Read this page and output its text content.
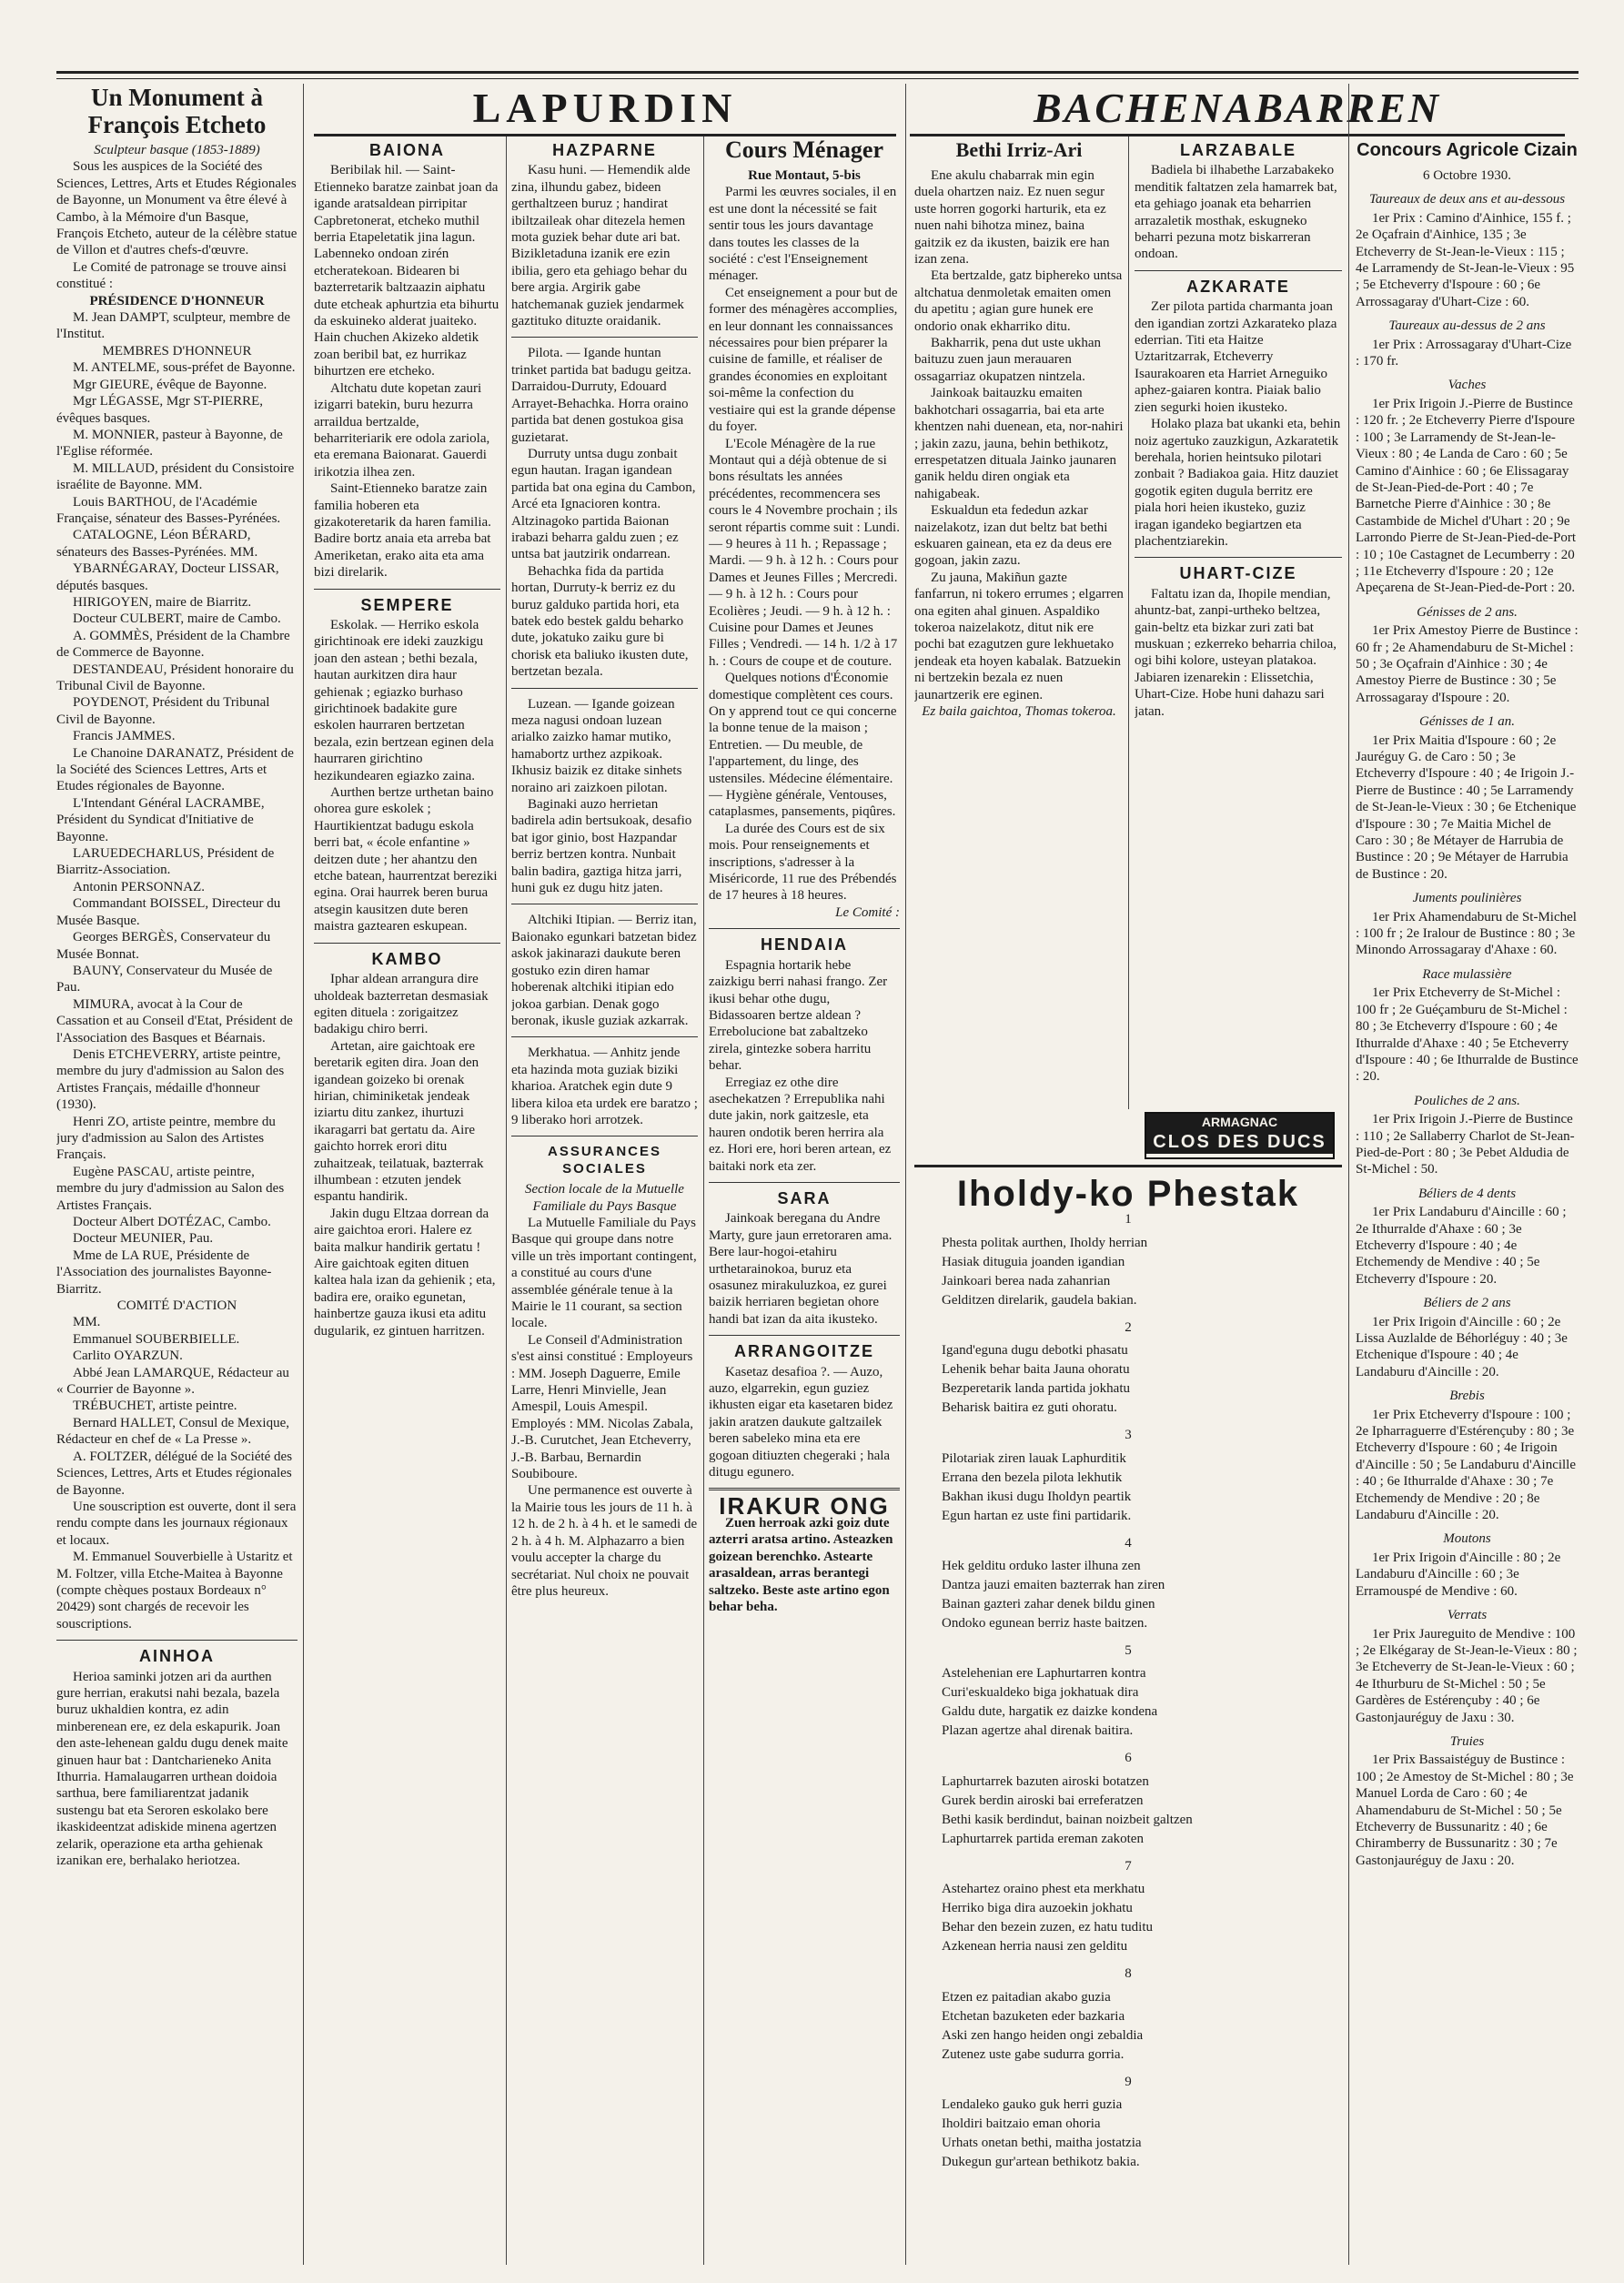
Un Monument à François Etcheto
Sculpteur basque (1853-1889)

Sous les auspices de la Société des Sciences, Lettres, Arts et Etudes Régionales de Bayonne, un Monument va être élevé à Cambo, à la Mémoire d'un Basque, François Etcheto, auteur de la célèbre statue de Villon et d'autres chefs-d'œuvre.

Le Comité de patronage se trouve ainsi constitué :

PRÉSIDENCE D'HONNEUR

M. Jean DAMPT, sculpteur, membre de l'Institut.

MEMBRES D'HONNEUR

M. ANTELME, sous-préfet de Bayonne.

Mgr GIEURE, évêque de Bayonne.

Mgr LÉGASSE, Mgr ST-PIERRE, évêques basques.

M. MONNIER, pasteur à Bayonne, de l'Eglise réformée.

M. MILLAUD, président du Consistoire israélite de Bayonne. MM.

Louis BARTHOU, de l'Académie Française, sénateur des Basses-Pyrénées.

CATALOGNE, Léon BÉRARD, sénateurs des Basses-Pyrénées. MM.

YBARNÉGARAY, Docteur LISSAR, députés basques.

HIRIGOYEN, maire de Biarritz.

Docteur CULBERT, maire de Cambo.

A. GOMMÈS, Président de la Chambre de Commerce de Bayonne.

DESTANDEAU, Président honoraire du Tribunal Civil de Bayonne.

POYDENOT, Président du Tribunal Civil de Bayonne.

Francis JAMMES.

Le Chanoine DARANATZ, Président de la Société des Sciences Lettres, Arts et Etudes régionales de Bayonne.

L'Intendant Général LACRAMBE, Président du Syndicat d'Initiative de Bayonne.

LARUEDECHARLUS, Président de Biarritz-Association.

Antonin PERSONNAZ.

Commandant BOISSEL, Directeur du Musée Basque.

Georges BERGÈS, Conservateur du Musée Bonnat.

BAUNY, Conservateur du Musée de Pau.

MIMURA, avocat à la Cour de Cassation et au Conseil d'Etat, Président de l'Association des Basques et Béarnais.

Denis ETCHEVERRY, artiste peintre, membre du jury d'admission au Salon des Artistes Français, médaille d'honneur (1930).

Henri ZO, artiste peintre, membre du jury d'admission au Salon des Artistes Français.

Eugène PASCAU, artiste peintre, membre du jury d'admission au Salon des Artistes Français.

Docteur Albert DOTÉZAC, Cambo.

Docteur MEUNIER, Pau.

Mme de LA RUE, Présidente de l'Association des journalistes Bayonne-Biarritz.

COMITÉ D'ACTION

MM.

Emmanuel SOUBERBIELLE.

Carlito OYARZUN.

Abbé Jean LAMARQUE, Rédacteur au « Courrier de Bayonne ».

TRÉBUCHET, artiste peintre.

Bernard HALLET, Consul de Mexique, Rédacteur en chef de « La Presse ».

A. FOLTZER, délégué de la Société des Sciences, Lettres, Arts et Etudes régionales de Bayonne.

Une souscription est ouverte, dont il sera rendu compte dans les journaux régionaux et locaux.

M. Emmanuel Souverbielle à Ustaritz et M. Foltzer, villa Etche-Maitea à Bayonne (compte chèques postaux Bordeaux n° 20429) sont chargés de recevoir les souscriptions.

AINHOA

Herioa saminki jotzen ari da aurthen gure herrian, erakutsi nahi bezala, bazela buruz ukhaldien kontra, ez adin minberenean ere, ez dela eskapurik. Joan den aste-lehenean galdu dugu denek maite ginuen haur bat : Dantcharieneko Anita Ithurria. Hamalaugarren urthean doidoia sarthua, bere familiarentzat jadanik sustengu bat eta Seroren eskolako bere ikaskideentzat adiskide minena agertzen zelarik, operazione eta artha gehienak izanikan ere, berhalako heriotzea.

LAPURDIN
BAIONA

Beribilak hil. — Saint-Etienneko baratze zainbat joan da igande aratsaldean pirripitar Capbretonerat, etcheko muthil berria Etapeletatik jina lagun. Labenneko ondoan zirén etcheratekoan. Bidearen bi bazterretarik baltzaazin aiphatu dute etcheak aphurtzia eta bihurtu da eskuineko alderat juaiteko. Hain chuchen Akizeko aldetik zoan beribil bat, ez hurrikaz bihurtzen ere etcheko.

Altchatu dute kopetan zauri izigarri batekin, buru hezurra arraildua bertzalde, beharriteriarik ere odola zariola, eta eremana Baionarat. Gauerdi irikotzia ilhea zen.

Saint-Etienneko baratze zain familia hoberen eta gizakoteretarik da haren familia. Badire bortz anaia eta arreba bat Ameriketan, erako aita eta ama bizi direlarik.

SEMPERE

Eskolak. — Herriko eskola girichtinoak ere ideki zauzkigu joan den astean ; bethi bezala, hautan aurkitzen dira haur gehienak ; egiazko burhaso girichtinoek badakite gure eskolen haurraren bertzetan bezala, ezin bertzean eginen dela haurraren girichtino hezikundearen egiazko zaina.

Aurthen bertze urthetan baino ohorea gure eskolek ; Haurtikientzat badugu eskola berri bat, « école enfantine » deitzen dute ; her ahantzu den etche batean, haurrentzat bereziki egina. Orai haurrek beren burua atsegin kausitzen dute beren maistra gaztearen eskupean.

KAMBO

Iphar aldean arrangura dire uholdeak bazterretan desmasiak egiten dituela : zorigaitzez badakigu chiro berri.

Artetan, aire gaichtoak ere beretarik egiten dira. Joan den igandean goizeko bi orenak hirian, chiminiketak jendeak iziartu ditu zankez, ihurtuzi ikaragarri bat gertatu da. Aire gaichto horrek erori ditu zuhaitzeak, teilatuak, bazterrak ilhumbean : etzuten jendek espantu handirik.

Jakin dugu Eltzaa dorrean da aire gaichtoa erori. Halere ez baita malkur handirik gertatu ! Aire gaichtoak egiten dituen kaltea hala izan da gehienik ; eta, badira ere, oraiko egunetan, hainbertze gauza ikusi eta aditu dugularik, ez gintuen harritzen.

HAZPARNE

Kasu huni. — Hemendik alde zina, ilhundu gabez, bideen gerthaltzeen buruz ; handirat ibiltzaileak ohar ditezela hemen mota guziek behar dute ari bat. Bizikletaduna izanik ere ezin ibilia, gero eta gehiago behar du bere argia. Argirik gabe hatchemanak guziek jendarmek gaztituko dituzte oraidanik.

Pilota. — Igande huntan trinket partida bat badugu geitza. Darraidou-Durruty, Edouard Arrayet-Behachka. Horra oraino partida bat denen gostukoa gisa guzietarat.

Durruty untsa dugu zonbait egun hautan. Iragan igandean partida bat ona egina du Cambon, Arcé eta Ignacioren kontra. Altzinagoko partida Baionan irabazi beharra galdu zuen ; ez untsa bat jautzirik ondarrean.

Behachka fida da partida hortan, Durruty-k berriz ez du buruz galduko partida hori, eta batek edo bestek galdu beharko dute, jokatuko zaiku gure bi chorisk eta baliuko ikusten dute, bertzetan bezala.

Luzean. — Igande goizean meza nagusi ondoan luzean arialko zaizko hamar mutiko, hamabortz urthez azpikoak. Ikhusiz baizik ez ditake sinhets noraino ari zaizkoen pilotan.

Baginaki auzo herrietan badirela adin bertsukoak, desafio bat igor ginio, bost Hazpandar berriz bertzen kontra. Nunbait balin badira, gaztiga hitza jarri, huni guk ez dugu hitz jaten.

Altchiki Itipian. — Berriz itan, Baionako egunkari batzetan bidez askok jakinarazi daukute beren gostuko ezin diren hamar hoberenak altchiki itipian edo jokoa garbian. Denak gogo beronak, ikusle guziak azkarrak.

Merkhatua. — Anhitz jende eta hazinda mota guziak biziki kharioa. Aratchek egin dute 9 libera kiloa eta urdek ere baratzo ; 9 liberako hori arrotzek.

ASSURANCES SOCIALES
Section locale de la Mutuelle Familiale du Pays Basque

La Mutuelle Familiale du Pays Basque qui groupe dans notre ville un très important contingent, a constitué au cours d'une assemblée générale tenue à la Mairie le 11 courant, sa section locale.

Le Conseil d'Administration s'est ainsi constitué : Employeurs : MM. Joseph Daguerre, Emile Larre, Henri Minvielle, Jean Amespil, Louis Amespil. Employés : MM. Nicolas Zabala, J.-B. Curutchet, Jean Etcheverry, J.-B. Barbau, Bernardin Soubiboure.

Une permanence est ouverte à la Mairie tous les jours de 11 h. à 12 h. de 2 h. à 4 h. et le samedi de 2 h. à 4 h. M. Alphazarro a bien voulu accepter la charge du secrétariat. Nul choix ne pouvait être plus heureux.

Cours Ménager
Rue Montaut, 5-bis

Parmi les œuvres sociales, il en est une dont la nécessité se fait sentir tous les jours davantage dans toutes les classes de la société : c'est l'Enseignement ménager.

Cet enseignement a pour but de former des ménagères accomplies, en leur donnant les connaissances nécessaires pour bien préparer la cuisine de famille, et réaliser de grandes économies en exploitant soi-même la confection du vestiaire qui est la grande dépense du foyer.

L'Ecole Ménagère de la rue Montaut qui a déjà obtenue de si bons résultats les années précédentes, recommencera ses cours le 4 Novembre prochain ; ils seront répartis comme suit : Lundi. — 9 heures à 11 h. ; Repassage ; Mardi. — 9 h. à 12 h. : Cours pour Dames et Jeunes Filles ; Mercredi. — 9 h. à 12 h. : Cours pour Ecolières ; Jeudi. — 9 h. à 12 h. : Cuisine pour Dames et Jeunes Filles ; Vendredi. — 14 h. 1/2 à 17 h. : Cours de coupe et de couture.

Quelques notions d'Économie domestique complètent ces cours. On y apprend tout ce qui concerne la bonne tenue de la maison ; Entretien. — Du meuble, de l'appartement, du linge, des ustensiles. Médecine élémentaire. — Hygiène générale, Ventouses, cataplasmes, pansements, piqûres.

La durée des Cours est de six mois. Pour renseignements et inscriptions, s'adresser à la Miséricorde, 11 rue des Prébendés de 17 heures à 18 heures.

Le Comité :
HENDAIA

Espagnia hortarik hebe zaizkigu berri nahasi frango. Zer ikusi behar othe dugu, Bidassoaren bertze aldean ? Errebolucione bat zabaltzeko zirela, gintezke sobera harritu behar.

Erregiaz ez othe dire asechekatzen ? Errepublika nahi dute jakin, nork gaitzesle, eta hauren ondotik beren herrira ala ez. Hori ere, hori beren artean, ez baitaki nork eta zer.

SARA

Jainkoak beregana du Andre Marty, gure jaun erretoraren ama. Bere laur-hogoi-etahiru urthetarainokoa, buruz eta osasunez mirakuluzkoa, ez gurei baizik herriaren begietan ohore handi bat izan da aita ikusteko.

ARRANGOITZE

Kasetaz desafioa ?. — Auzo, auzo, elgarrekin, egun guziez ikhusten eigar eta kasetaren bidez jakin aratzen daukute galtzailek beren sabeleko mina eta ere gogoan ditiuzten chegeraki ; hala ditugu egunero.

IRAKUR ONG

Zuen herroak azki goiz dute azterri aratsa artino. Asteazken goizean berenchko. Astearte arasaldean, arras berantegi saltzeko. Beste aste artino egon behar beha.

BACHENABARREN
Bethi Irriz-Ari

Ene akulu chabarrak min egin duela ohartzen naiz. Ez nuen segur uste horren gogorki harturik, eta ez nuen nahi bihotza minez, baina gaitzik ez da ikusten, baizik ere han izan zena.

Eta bertzalde, gatz biphereko untsa altchatua denmoletak emaiten omen du apetitu ; agian gure hunek ere ondorio onak ekharriko ditu.

Bakharrik, pena dut uste ukhan baituzu zuen jaun merauaren ossagarriaz okupatzen nintzela.

Jainkoak baitauzku emaiten bakhotchari ossagarria, bai eta arte khentzen nahi duenean, eta, nor-nahiri ; jakin zazu, jauna, behin bethikotz, errespetatzen dituala Jainko jaunaren ganik heldu diren ongiak eta nahigabeak.

Eskualdun eta fededun azkar naizelakotz, izan dut beltz bat bethi eskuaren gainean, eta ez da deus ere gogoan, jakin zazu.

Zu jauna, Makiñun gazte fanfarrun, ni tokero errumes ; elgarren ona egiten ahal ginuen. Aspaldiko tokeroa naizelakotz, ditut nik ere pochi bat ezagutzen gure lekhuetako jendeak eta hoyen kabalak. Batzuekin ni bertzekin bezala ez nuen jaunartzerik ere eginen.

Ez baila gaichtoa, Thomas tokeroa.
LARZABALE

Badiela bi ilhabethe Larzabakeko menditik faltatzen zela hamarrek bat, eta gehiago joanak eta beharrien arrazaletik mosthak, eskugneko beharri pezuna motz biskarreran ondoan.

AZKARATE

Zer pilota partida charmanta joan den igandian zortzi Azkarateko plaza ederrian. Titi eta Haitze Uztaritzarrak, Etcheverry Isaurakoaren eta Harriet Arneguiko aphez-gaiaren kontra. Piaiak balio zien segurki hoien ikusteko.

Holako plaza bat ukanki eta, behin noiz agertuko zauzkigun, Azkaratetik berehala, horien heintsuko pilotari zonbait ? Badiakoa gaia. Hitz dauziet gogotik egiten dugula berritz ere piala hori heien ikusteko, guziz iragan igandeko begiartzen eta plachentziarekin.

UHART-CIZE

Faltatu izan da, Ihopile mendian, ahuntz-bat, zanpi-urtheko beltzea, gain-beltz eta bizkar zuri zati bat muskuan ; ezkerreko beharria chiloa, ogi bihi kolore, usteyan platakoa. Jabiaren izenarekin : Elissetchia, Uhart-Cize. Hobe huni dahazu sari jatan.

ARMAGNAC
CLOS DES DUCS
Iholdy-ko Phestak
1
Phesta politak aurthen, Iholdy herrian
Hasiak dituguia joanden igandian
Jainkoari berea nada zahanrian
Gelditzen direlarik, gaudela bakian.
2
Igand'eguna dugu debotki phasatu
Lehenik behar baita Jauna ohoratu
Bezperetarik landa partida jokhatu
Beharisk baitira ez guti ohoratu.
3
Pilotariak ziren lauak Laphurditik
Errana den bezela pilota lekhutik
Bakhan ikusi dugu Iholdyn peartik
Egun hartan ez uste fini partidarik.
4
Hek gelditu orduko laster ilhuna zen
Dantza jauzi emaiten bazterrak han ziren
Bainan gazteri zahar denek bildu ginen
Ondoko egunean berriz haste baitzen.
5
Astelehenian ere Laphurtarren kontra
Curi'eskualdeko biga jokhatuak dira
Galdu dute, hargatik ez daizke kondena
Plazan agertze ahal direnak baitira.
6
Laphurtarrek bazuten airoski botatzen
Gurek berdin airoski bai erreferatzen
Bethi kasik berdindut, bainan noizbeit galtzen
Laphurtarrek partida ereman zakoten
7
Astehartez oraino phest eta merkhatu
Herriko biga dira auzoekin jokhatu
Behar den bezein zuzen, ez hatu tuditu
Azkenean herria nausi zen gelditu
8
Etzen ez paitadian akabo guzia
Etchetan bazuketen eder bazkaria
Aski zen hango heiden ongi zebaldia
Zutenez uste gabe sudurra gorria.
9
Lendaleko gauko guk herri guzia
Iholdiri baitzaio eman ohoria
Urhats onetan bethi, maitha jostatzia
Dukegun gur'artean bethikotz bakia.
Concours Agricole Cizain
6 Octobre 1930.
Taureaux de deux ans et au-dessous

1er Prix : Camino d'Ainhice, 155 f. ; 2e Oçafrain d'Ainhice, 135 ; 3e Etcheverry de St-Jean-le-Vieux : 115 ; 4e Larramendy de St-Jean-le-Vieux : 95 ; 5e Etcheverry d'Ispoure : 60 ; 6e Arrossagaray d'Uhart-Cize : 60.

Taureaux au-dessus de 2 ans

1er Prix : Arrossagaray d'Uhart-Cize : 170 fr.

Vaches

1er Prix Irigoin J.-Pierre de Bustince : 120 fr. ; 2e Etcheverry Pierre d'Ispoure : 100 ; 3e Larramendy de St-Jean-le-Vieux : 80 ; 4e Landa de Caro : 60 ; 5e Camino d'Ainhice : 60 ; 6e Elissagaray de St-Jean-Pied-de-Port : 40 ; 7e Barnetche Pierre d'Ainhice : 30 ; 8e Castambide de Michel d'Uhart : 20 ; 9e Larrondo Pierre de St-Jean-Pied-de-Port : 10 ; 10e Castagnet de Lecumberry : 20 ; 11e Etcheverry d'Ispoure : 20 ; 12e Apeçarena de St-Jean-Pied-de-Port : 20.

Génisses de 2 ans.

1er Prix Amestoy Pierre de Bustince : 60 fr ; 2e Ahamendaburu de St-Michel : 50 ; 3e Oçafrain d'Ainhice : 30 ; 4e Amestoy Pierre de Bustince : 30 ; 5e Arrossagaray d'Ispoure : 20.

Génisses de 1 an.

1er Prix Maitia d'Ispoure : 60 ; 2e Jauréguy G. de Caro : 50 ; 3e Etcheverry d'Ispoure : 40 ; 4e Irigoin J.-Pierre de Bustince : 40 ; 5e Larramendy de St-Jean-le-Vieux : 30 ; 6e Etchenique d'Ispoure : 30 ; 7e Maitia Michel de Caro : 30 ; 8e Métayer de Harrubia de Bustince : 20 ; 9e Métayer de Harrubia de Bustince : 20.

Juments poulinières

1er Prix Ahamendaburu de St-Michel : 100 fr ; 2e Iralour de Bustince : 80 ; 3e Minondo Arrossagaray d'Ahaxe : 60.

Race mulassière

1er Prix Etcheverry de St-Michel : 100 fr ; 2e Guéçamburu de St-Michel : 80 ; 3e Etcheverry d'Ispoure : 60 ; 4e Ithurralde d'Ahaxe : 40 ; 5e Etcheverry d'Ispoure : 40 ; 6e Ithurralde de Bustince : 20.

Pouliches de 2 ans.

1er Prix Irigoin J.-Pierre de Bustince : 110 ; 2e Sallaberry Charlot de St-Jean-Pied-de-Port : 80 ; 3e Pebet Aldudia de St-Michel : 50.

Béliers de 4 dents

1er Prix Landaburu d'Aincille : 60 ; 2e Ithurralde d'Ahaxe : 60 ; 3e Etcheverry d'Ispoure : 40 ; 4e Etchemendy de Mendive : 40 ; 5e Etcheverry d'Ispoure : 20.

Béliers de 2 ans

1er Prix Irigoin d'Aincille : 60 ; 2e Lissa Auzlalde de Béhorléguy : 40 ; 3e Etchenique d'Ispoure : 40 ; 4e Landaburu d'Aincille : 20.

Brebis

1er Prix Etcheverry d'Ispoure : 100 ; 2e Ipharraguerre d'Estérençuby : 80 ; 3e Etcheverry d'Ispoure : 60 ; 4e Irigoin d'Aincille : 50 ; 5e Landaburu d'Aincille : 40 ; 6e Ithurralde d'Ahaxe : 30 ; 7e Etchemendy de Mendive : 20 ; 8e Landaburu d'Aincille : 20.

Moutons

1er Prix Irigoin d'Aincille : 80 ; 2e Landaburu d'Aincille : 60 ; 3e Erramouspé de Mendive : 60.

Verrats

1er Prix Jaureguito de Mendive : 100 ; 2e Elkégaray de St-Jean-le-Vieux : 80 ; 3e Etcheverry de St-Jean-le-Vieux : 60 ; 4e Ithurburu de St-Michel : 50 ; 5e Gardères de Estérençuby : 40 ; 6e Gastonjauréguy de Jaxu : 30.

Truies

1er Prix Bassaistéguy de Bustince : 100 ; 2e Amestoy de St-Michel : 80 ; 3e Manuel Lorda de Caro : 60 ; 4e Ahamendaburu de St-Michel : 50 ; 5e Etcheverry de Bussunaritz : 40 ; 6e Chiramberry de Bussunaritz : 30 ; 7e Gastonjauréguy de Jaxu : 20.
